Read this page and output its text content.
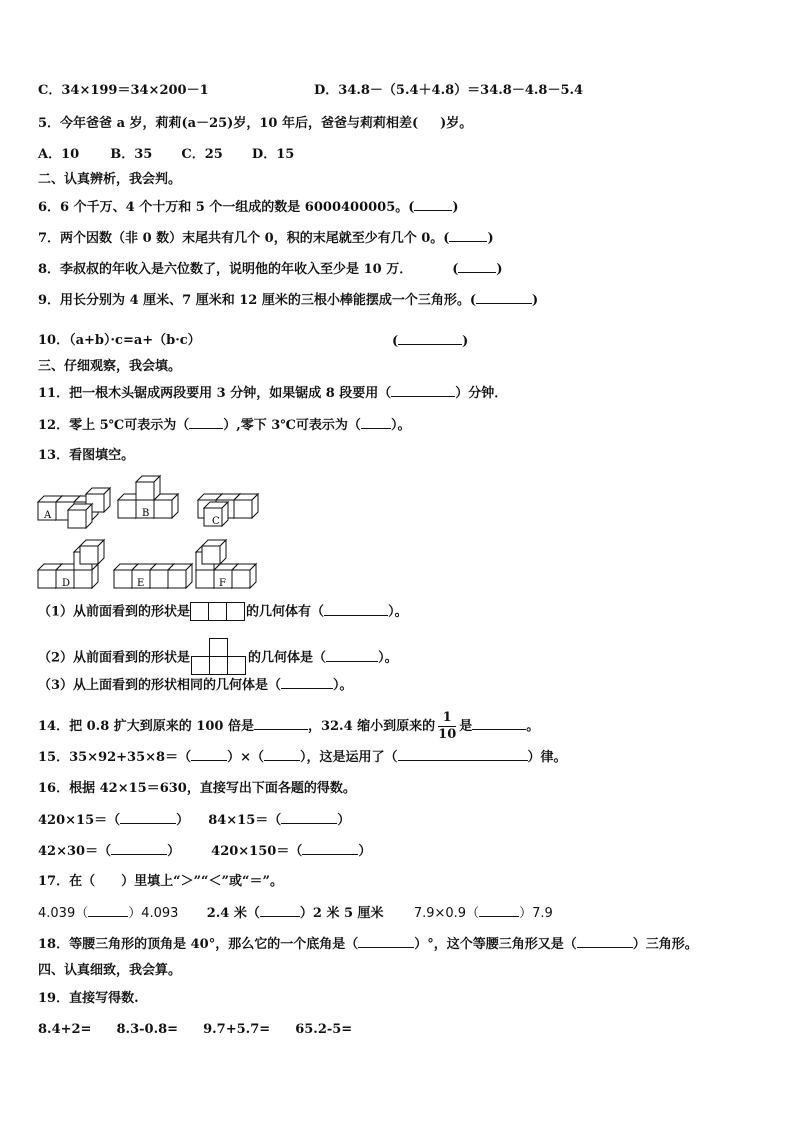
C．34×199＝34×200－1	D．34.8－（5.4＋4.8）＝34.8－4.8－5.4
5．今年爸爸 a 岁，莉莉(a－25)岁，10 年后，爸爸与莉莉相差( )岁。
A．10 B．35 C．25 D．15
二、认真辨析，我会判。
6．6 个千万、4 个十万和 5 个一组成的数是 6000400005。(	)
7．两个因数（非 0 数）末尾共有几个 0，积的末尾就至少有几个 0。(	)
8．李叔叔的年收入是六位数了，说明他的年收入至少是 10 万．	(	)
9．用长分别为 4 厘米、7 厘米和 12 厘米的三根小棒能摆成一个三角形。(	)
10．（a+b）·c=a+（b·c）	(	)
三、仔细观察，我会填。
11．把一根木头锯成两段要用 3 分钟，如果锯成 8 段要用（	）分钟．
12．零上 5℃可表示为（	）,零下 3℃可表示为（ ）。
13．看图填空。
A	B
C
D	E	F
（1）从前面看到的形状是	的几何体有（	）。
（2）从前面看到的形状是	的几何体是（	）。
（3）从上面看到的形状相同的几何体是（	）。
14．把 0.8 扩大到原来的 100 倍是	，32.4 缩小到原来的 $\frac{1}{10}$ 是	。
15．35×92+35×8＝（	）×（	），这是运用了（	）律。
16．根据 42×15＝630，直接写出下面各题的得数。
420×15＝（	） 84×15＝（	）
42×30＝（	） 420×150＝（	）
17．在（　　）里填上“＞”“＜”或“＝”。
4.039（	）4.093 2.4 米（	）2 米 5 厘米 7.9×0.9（	）7.9
18．等腰三角形的顶角是 40°，那么它的一个底角是（	）°，这个等腰三角形又是（	）三角形。
四、认真细致，我会算。
19．直接写得数.
8.4+2= 8.3-0.8= 9.7+5.7= 65.2-5=
